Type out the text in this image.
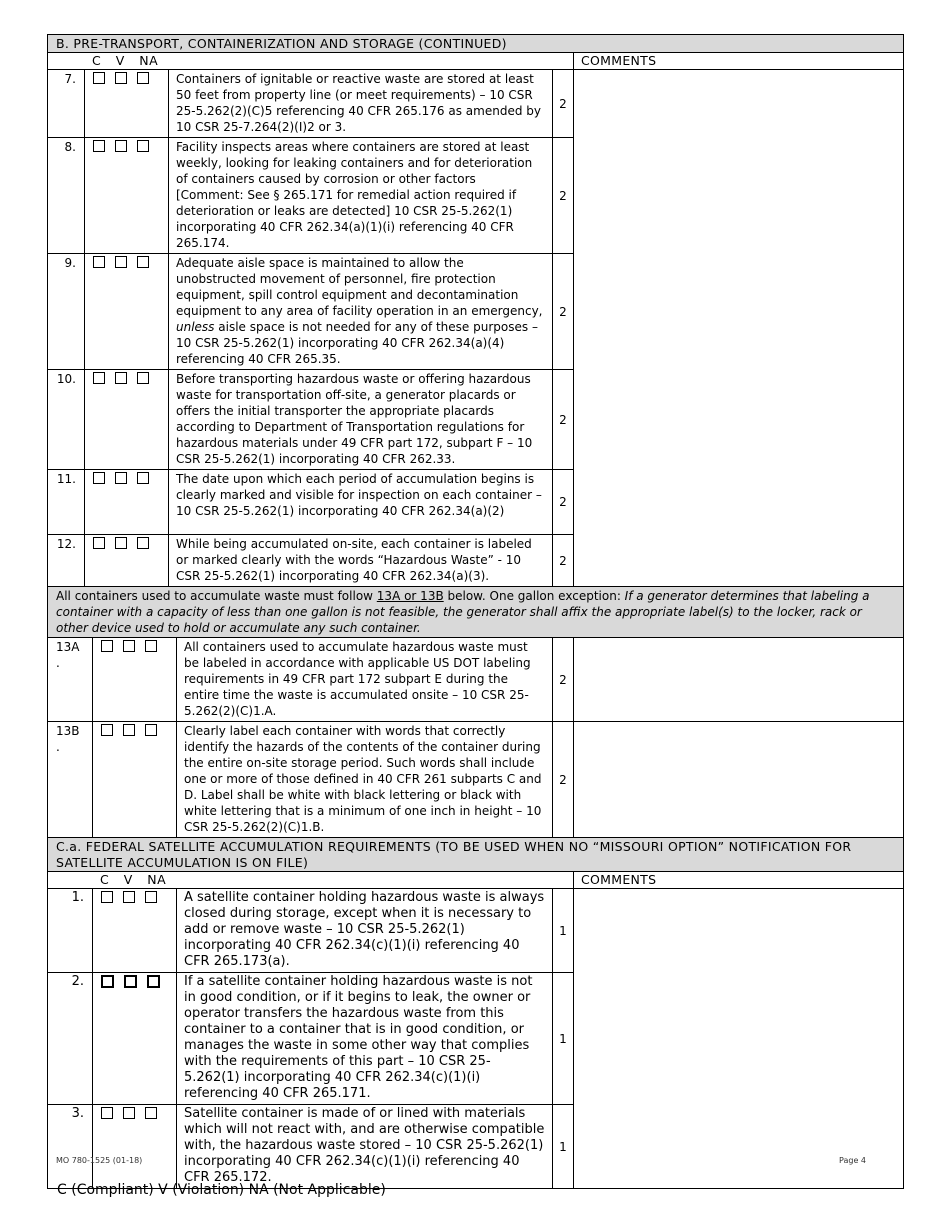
B. PRE-TRANSPORT, CONTAINERIZATION AND STORAGE (CONTINUED)				
C V NA				COMMENTS
7.		Containers of ignitable or reactive waste are stored at least 50 feet from property line (or meet requirements) – 10 CSR 25-5.262(2)(C)5 referencing 40 CFR 265.176 as amended by 10 CSR 25-7.264(2)(I)2 or 3.	2	
8.		Facility inspects areas where containers are stored at least weekly, looking for leaking containers and for deterioration of containers caused by corrosion or other factors [Comment: See § 265.171 for remedial action required if deterioration or leaks are detected] 10 CSR 25-5.262(1) incorporating 40 CFR 262.34(a)(1)(i) referencing 40 CFR 265.174.	2	
9.		Adequate aisle space is maintained to allow the unobstructed movement of personnel, fire protection equipment, spill control equipment and decontamination equipment to any area of facility operation in an emergency, unless aisle space is not needed for any of these purposes – 10 CSR 25-5.262(1) incorporating 40 CFR 262.34(a)(4) referencing 40 CFR 265.35.	2	
10.		Before transporting hazardous waste or offering hazardous waste for transportation off-site, a generator placards or offers the initial transporter the appropriate placards according to Department of Transportation regulations for hazardous materials under 49 CFR part 172, subpart F – 10 CSR 25-5.262(1) incorporating 40 CFR 262.33.	2	
11.		The date upon which each period of accumulation begins is clearly marked and visible for inspection on each container – 10 CSR 25-5.262(1) incorporating 40 CFR 262.34(a)(2)	2	
12.		While being accumulated on-site, each container is labeled or marked clearly with the words “Hazardous Waste” - 10 CSR 25-5.262(1) incorporating 40 CFR 262.34(a)(3).	2	
All containers used to accumulate waste must follow 13A or 13B below. One gallon exception: If a generator determines that labeling a container with a capacity of less than one gallon is not feasible, the generator shall affix the appropriate label(s) to the locker, rack or other device used to hold or accumulate any such container.				
13A .		All containers used to accumulate hazardous waste must be labeled in accordance with applicable US DOT labeling requirements in 49 CFR part 172 subpart E during the entire time the waste is accumulated onsite – 10 CSR 25-5.262(2)(C)1.A.	2	
13B .		Clearly label each container with words that correctly identify the hazards of the contents of the container during the entire on-site storage period. Such words shall include one or more of those defined in 40 CFR 261 subparts C and D. Label shall be white with black lettering or black with white lettering that is a minimum of one inch in height – 10 CSR 25-5.262(2)(C)1.B.	2	
C.a. FEDERAL SATELLITE ACCUMULATION REQUIREMENTS (TO BE USED WHEN NO “MISSOURI OPTION” NOTIFICATION FOR SATELLITE ACCUMULATION IS ON FILE)				
C V NA				COMMENTS
1.		A satellite container holding hazardous waste is always closed during storage, except when it is necessary to add or remove waste – 10 CSR 25-5.262(1) incorporating 40 CFR 262.34(c)(1)(i) referencing 40 CFR 265.173(a).	1	
2.		If a satellite container holding hazardous waste is not in good condition, or if it begins to leak, the owner or operator transfers the hazardous waste from this container to a container that is in good condition, or manages the waste in some other way that complies with the requirements of this part – 10 CSR 25-5.262(1) incorporating 40 CFR 262.34(c)(1)(i) referencing 40 CFR 265.171.	1	
3.		Satellite container is made of or lined with materials which will not react with, and are otherwise compatible with, the hazardous waste stored – 10 CSR 25-5.262(1) incorporating 40 CFR 262.34(c)(1)(i) referencing 40 CFR 265.172.	1	
MO 780-1525 (01-18)	Page 4
C (Compliant) V (Violation) NA (Not Applicable)
